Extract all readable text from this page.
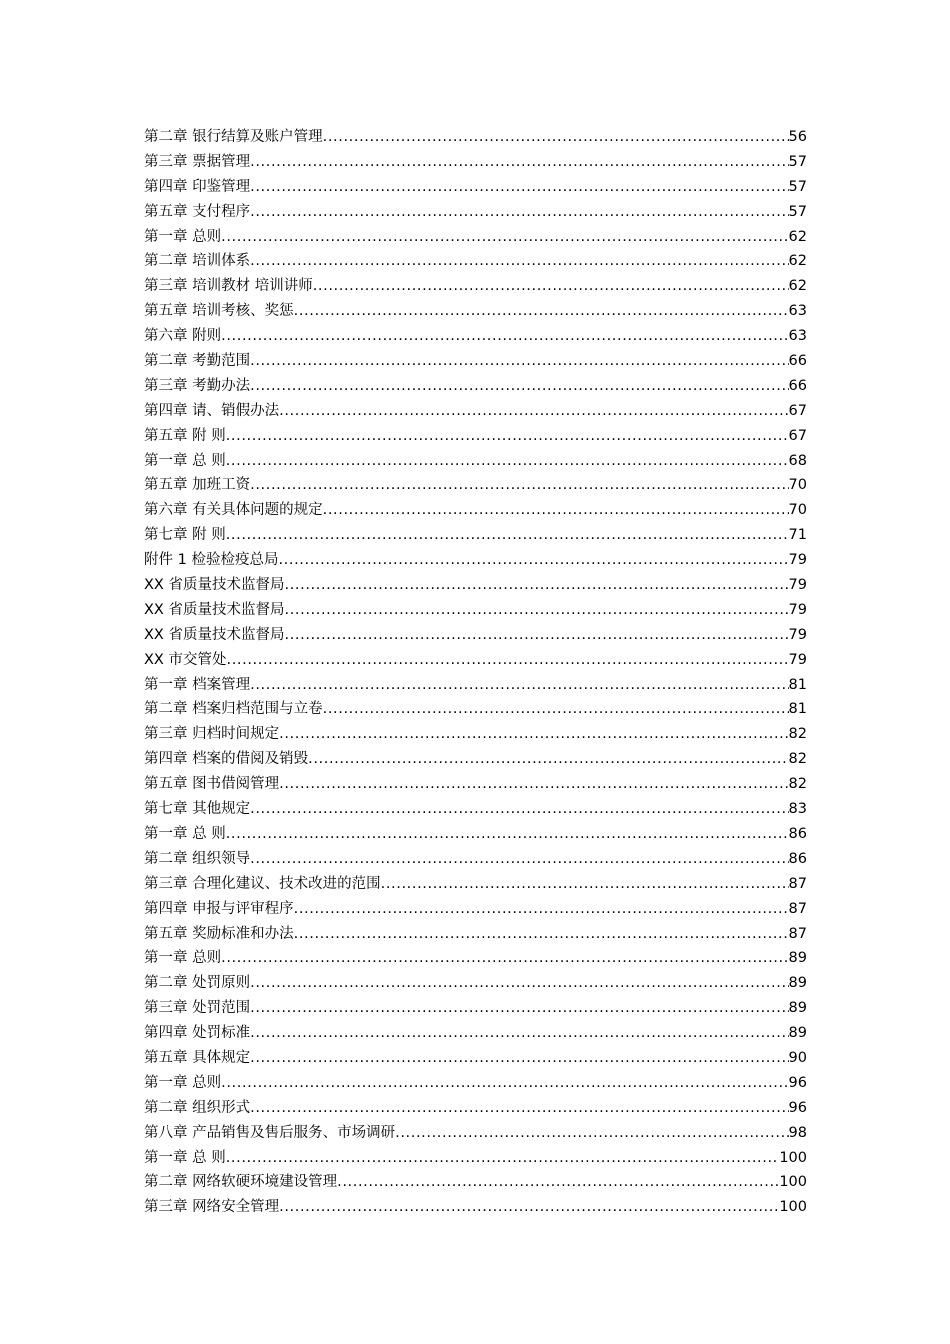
第二章 银行结算及账户管理 .....	56
第三章 票据管理 .....	57
第四章 印鉴管理 .....	57
第五章 支付程序 .....	57
第一章 总则 .....	62
第二章 培训体系 .....	62
第三章 培训教材 培训讲师 .....	62
第五章 培训考核、奖惩 .....	63
第六章 附则 .....	63
第二章 考勤范围 .....	66
第三章 考勤办法 .....	66
第四章 请、销假办法 .....	67
第五章 附 则 .....	67
第一章 总 则 .....	68
第五章 加班工资 .....	70
第六章 有关具体问题的规定 .....	70
第七章 附 则 .....	71
附件 1 检验检疫总局 .....	79
XX 省质量技术监督局 .....	79
XX 省质量技术监督局 .....	79
XX 省质量技术监督局 .....	79
XX 市交管处 .....	79
第一章 档案管理 .....	81
第二章 档案归档范围与立卷 .....	81
第三章 归档时间规定 .....	82
第四章 档案的借阅及销毁 .....	82
第五章 图书借阅管理 .....	82
第七章 其他规定 .....	83
第一章 总 则 .....	86
第二章 组织领导 .....	86
第三章 合理化建议、技术改进的范围 .....	87
第四章 申报与评审程序 .....	87
第五章 奖励标准和办法 .....	87
第一章 总则 .....	89
第二章 处罚原则 .....	89
第三章 处罚范围 .....	89
第四章 处罚标准 .....	89
第五章 具体规定 .....	90
第一章 总则 .....	96
第二章 组织形式 .....	96
第八章 产品销售及售后服务、市场调研 .....	98
第一章 总 则 .....	100
第二章 网络软硬环境建设管理 .....	100
第三章 网络安全管理 .....	100
